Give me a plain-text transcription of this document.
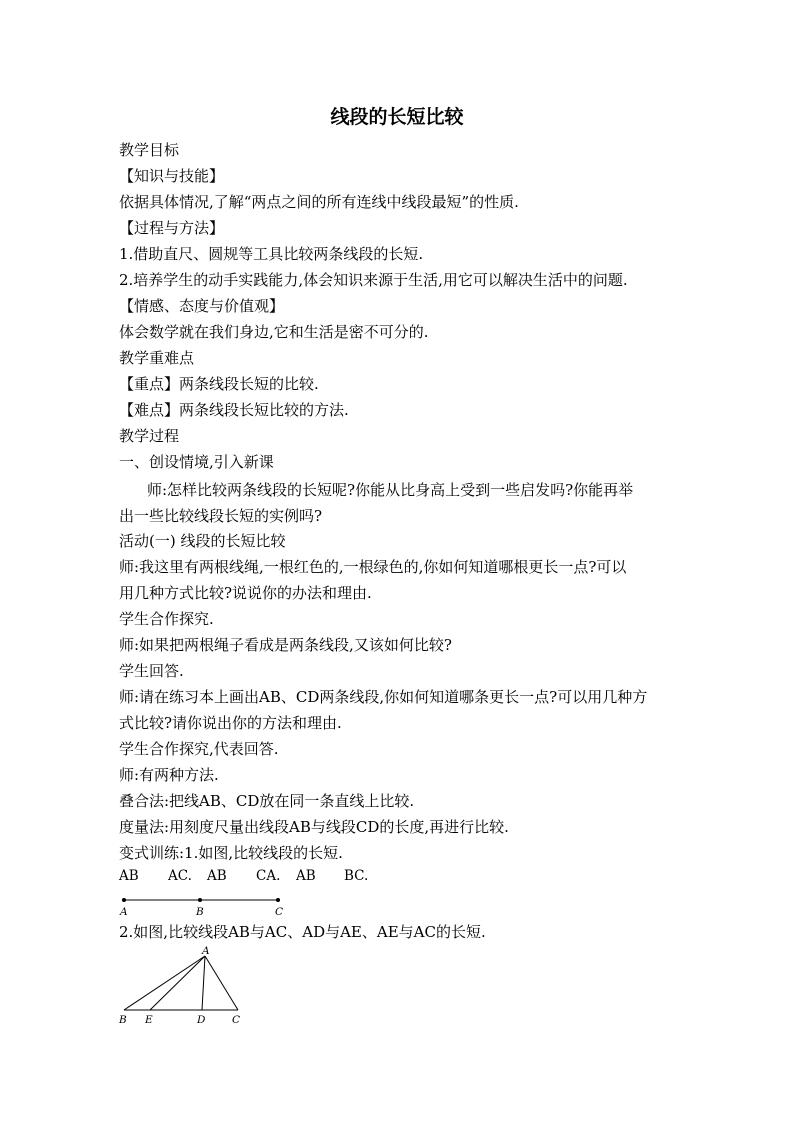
线段的长短比较
教学目标
【知识与技能】
依据具体情况,了解“两点之间的所有连线中线段最短”的性质.
【过程与方法】
1.借助直尺、圆规等工具比较两条线段的长短.
2.培养学生的动手实践能力,体会知识来源于生活,用它可以解决生活中的问题.
【情感、态度与价值观】
体会数学就在我们身边,它和生活是密不可分的.
教学重难点
【重点】两条线段长短的比较.
【难点】两条线段长短比较的方法.
教学过程
一、创设情境,引入新课
师:怎样比较两条线段的长短呢?你能从比身高上受到一些启发吗?你能再举
出一些比较线段长短的实例吗?
活动(一) 线段的长短比较
师:我这里有两根线绳,一根红色的,一根绿色的,你如何知道哪根更长一点?可以
用几种方式比较?说说你的办法和理由.
学生合作探究.
师:如果把两根绳子看成是两条线段,又该如何比较?
学生回答.
师:请在练习本上画出AB、CD两条线段,你如何知道哪条更长一点?可以用几种方
式比较?请你说出你的方法和理由.
学生合作探究,代表回答.
师:有两种方法.
叠合法:把线AB、CD放在同一条直线上比较.
度量法:用刻度尺量出线段AB与线段CD的长度,再进行比较.
变式训练:1.如图,比较线段的长短.
AB AC. AB CA. AB BC.
A	B	C
2.如图,比较线段AB与AC、AD与AE、AE与AC的长短.
A
B E	D	C
